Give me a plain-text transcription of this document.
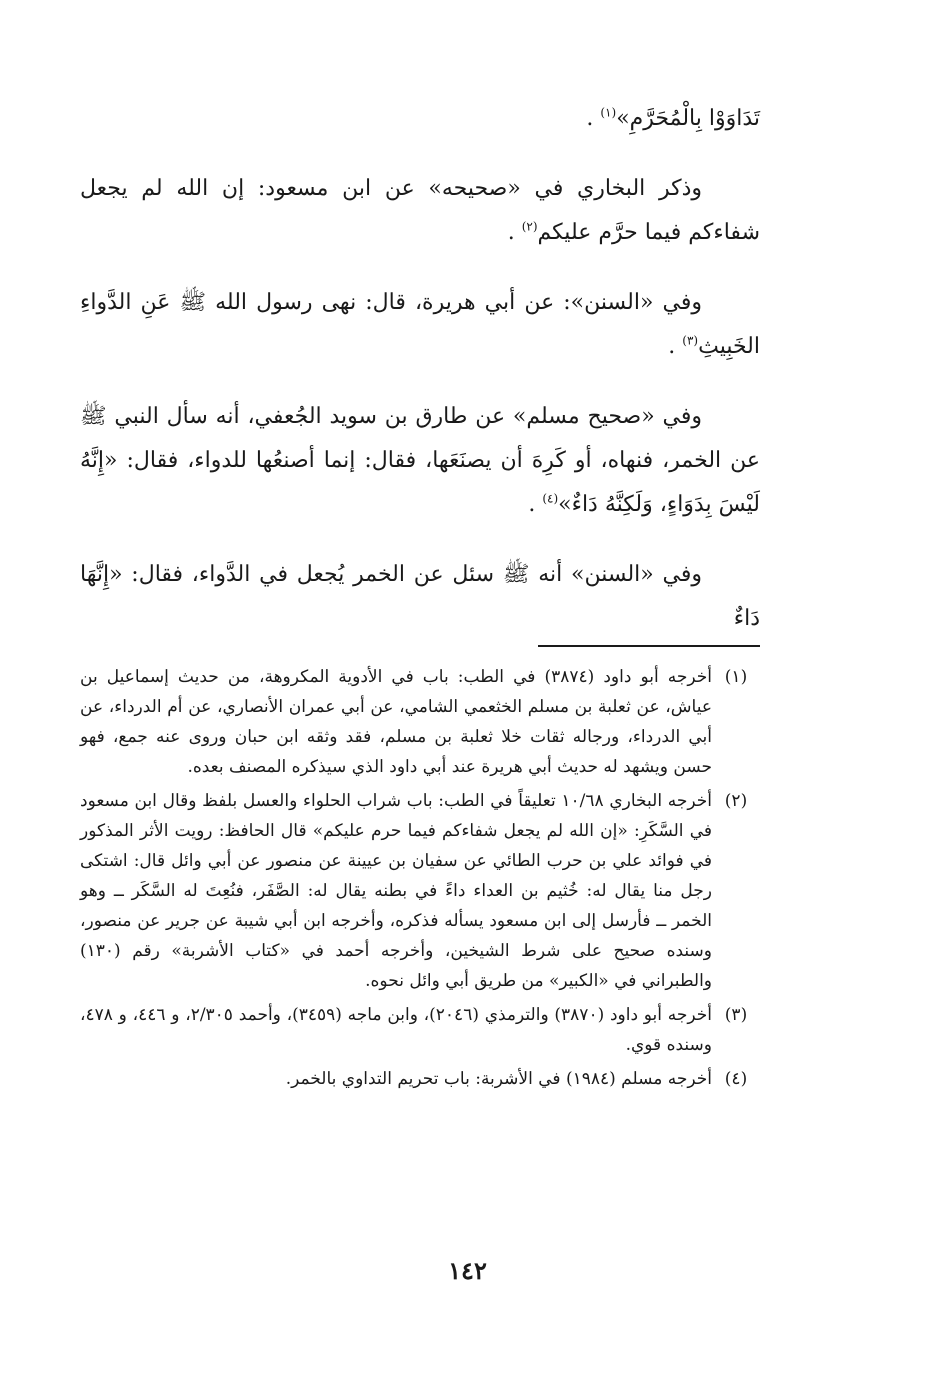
تَدَاوَوْا بِالْمُحَرَّمِ»$^{(١)}$ .

وذكر البخاري في «صحيحه» عن ابن مسعود: إن الله لم يجعل شفاءكم فيما حرَّم عليكم$^{(٢)}$ .

وفي «السنن»: عن أبي هريرة، قال: نهى رسول الله ﷺ عَنِ الدَّواءِ الخَبِيثِ$^{(٣)}$ .

وفي «صحيح مسلم» عن طارق بن سويد الجُعفي، أنه سأل النبي ﷺ عن الخمر، فنهاه، أو كَرِهَ أن يصنَعَها، فقال: إنما أصنعُها للدواء، فقال: «إِنَّهُ لَيْسَ بِدَوَاءٍ، وَلَكِنَّهُ دَاءٌ»$^{(٤)}$ .

وفي «السنن» أنه ﷺ سئل عن الخمر يُجعل في الدَّواء، فقال: «إِنَّهَا دَاءٌ

(١)
أخرجه أبو داود (٣٨٧٤) في الطب: باب في الأدوية المكروهة، من حديث إسماعيل بن عياش، عن ثعلبة بن مسلم الخثعمي الشامي، عن أبي عمران الأنصاري، عن أم الدرداء، عن أبي الدرداء، ورجاله ثقات خلا ثعلبة بن مسلم، فقد وثقه ابن حبان وروى عنه جمع، فهو حسن ويشهد له حديث أبي هريرة عند أبي داود الذي سيذكره المصنف بعده.
(٢)
أخرجه البخاري ١٠/٦٨ تعليقاً في الطب: باب شراب الحلواء والعسل بلفظ وقال ابن مسعود في السَّكَرِ: «إن الله لم يجعل شفاءكم فيما حرم عليكم» قال الحافظ: رويت الأثر المذكور في فوائد علي بن حرب الطائي عن سفيان بن عيينة عن منصور عن أبي وائل قال: اشتكى رجل منا يقال له: خُثيم بن العداء داءً في بطنه يقال له: الصَّفَر، فنُعِتَ له السَّكَر ــ وهو الخمر ــ فأرسل إلى ابن مسعود يسأله فذكره، وأخرجه ابن أبي شيبة عن جرير عن منصور، وسنده صحيح على شرط الشيخين، وأخرجه أحمد في «كتاب الأشربة» رقم (١٣٠) والطبراني في «الكبير» من طريق أبي وائل نحوه.
(٣)
أخرجه أبو داود (٣٨٧٠) والترمذي (٢٠٤٦)، وابن ماجه (٣٤٥٩)، وأحمد ٢/٣٠٥، و ٤٤٦، و ٤٧٨، وسنده قوي.
(٤)
أخرجه مسلم (١٩٨٤) في الأشربة: باب تحريم التداوي بالخمر.
١٤٢
